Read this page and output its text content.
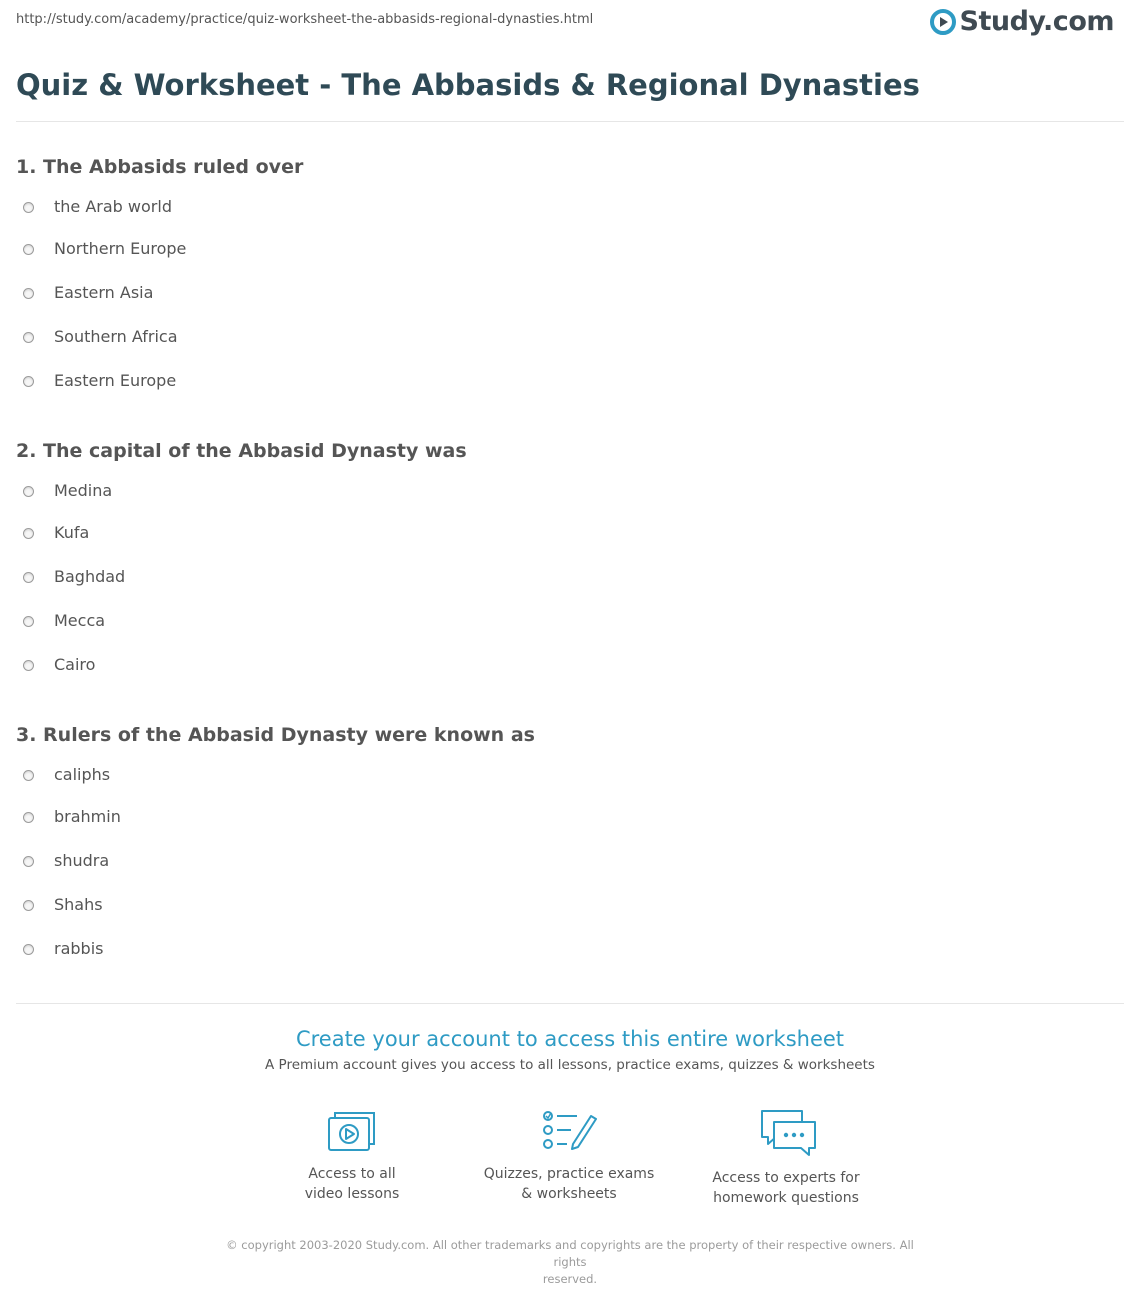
http://study.com/academy/practice/quiz-worksheet-the-abbasids-regional-dynasties.html	Study.com
Quiz & Worksheet - The Abbasids & Regional Dynasties
1. The Abbasids ruled over
the Arab world
Northern Europe
Eastern Asia
Southern Africa
Eastern Europe
2. The capital of the Abbasid Dynasty was
Medina
Kufa
Baghdad
Mecca
Cairo
3. Rulers of the Abbasid Dynasty were known as
caliphs
brahmin
shudra
Shahs
rabbis
Create your account to access this entire worksheet
A Premium account gives you access to all lessons, practice exams, quizzes & worksheets
Access to all
video lessons
Quizzes, practice exams
& worksheets
Access to experts for
homework questions
© copyright 2003-2020 Study.com. All other trademarks and copyrights are the property of their respective owners. All rights
reserved.
